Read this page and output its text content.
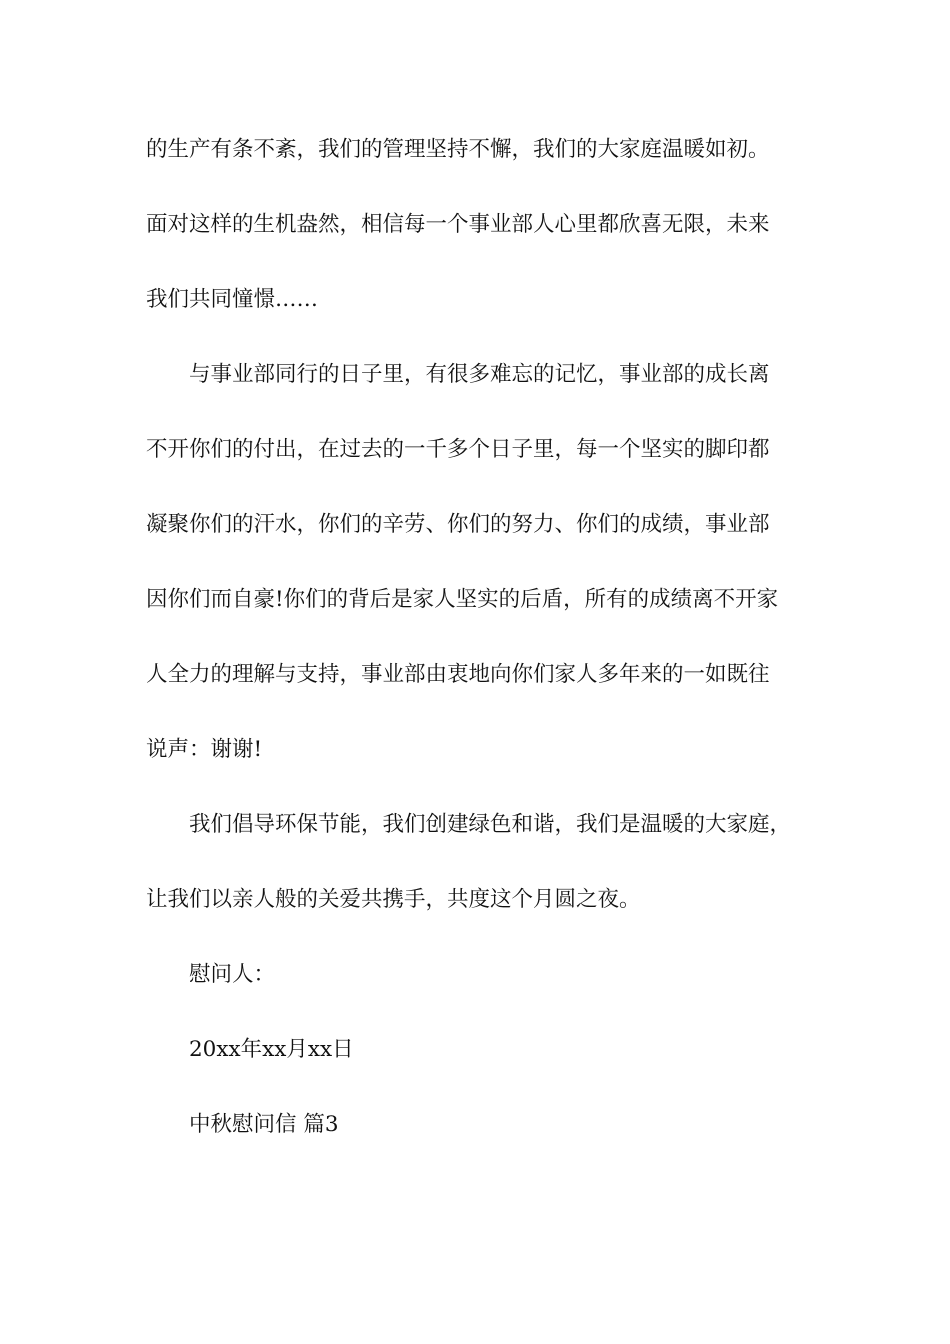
的生产有条不紊，我们的管理坚持不懈，我们的大家庭温暖如初。
面对这样的生机盎然，相信每一个事业部人心里都欣喜无限，未来
我们共同憧憬……
与事业部同行的日子里，有很多难忘的记忆，事业部的成长离
不开你们的付出，在过去的一千多个日子里，每一个坚实的脚印都
凝聚你们的汗水，你们的辛劳、你们的努力、你们的成绩，事业部
因你们而自豪!你们的背后是家人坚实的后盾，所有的成绩离不开家
人全力的理解与支持，事业部由衷地向你们家人多年来的一如既往
说声：谢谢!
我们倡导环保节能，我们创建绿色和谐，我们是温暖的大家庭，
让我们以亲人般的关爱共携手，共度这个月圆之夜。
慰问人：
20xx年xx月xx日
中秋慰问信 篇3
